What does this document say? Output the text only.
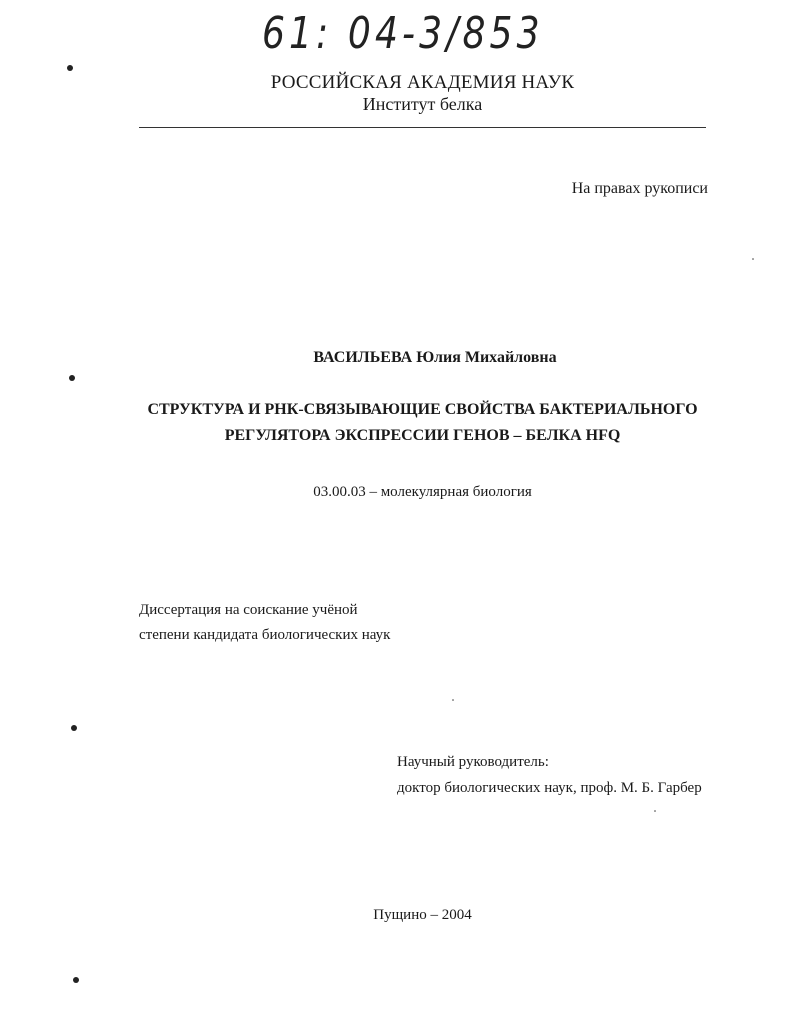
61: 04-3/853
РОССИЙСКАЯ АКАДЕМИЯ НАУК
Институт белка
На правах рукописи
ВАСИЛЬЕВА Юлия Михайловна
СТРУКТУРА И РНК-СВЯЗЫВАЮЩИЕ СВОЙСТВА БАКТЕРИАЛЬНОГО
РЕГУЛЯТОРА ЭКСПРЕССИИ ГЕНОВ – БЕЛКА HFQ
03.00.03 – молекулярная биология
Диссертация на соискание учёной
степени кандидата биологических наук
Научный руководитель:
доктор биологических наук, проф. М. Б. Гарбер
Пущино – 2004
